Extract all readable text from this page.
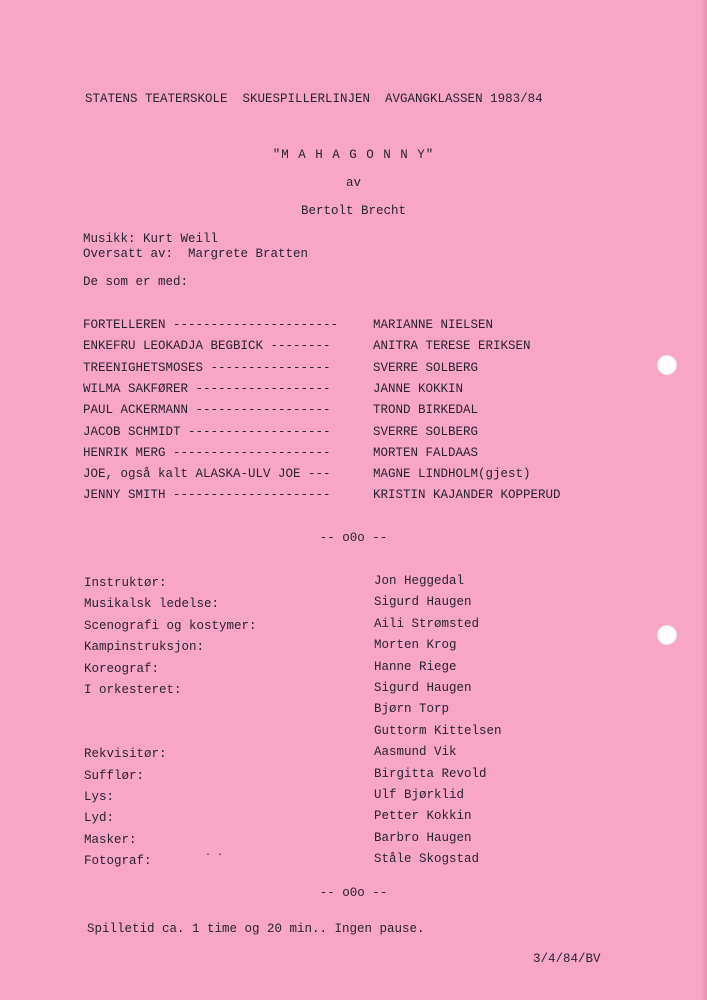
STATENS TEATERSKOLE  SKUESPILLERLINJEN  AVGANGKLASSEN 1983/84
"M A H A G O N N Y"
av
Bertolt Brecht
Musikk: Kurt Weill
Oversatt av:  Margrete Bratten
De som er med:
FORTELLEREN ----------------------	MARIANNE NIELSEN
ENKEFRU LEOKADJA BEGBICK --------	ANITRA TERESE ERIKSEN
TREENIGHETSMOSES ----------------	SVERRE SOLBERG
WILMA SAKFØRER ------------------	JANNE KOKKIN
PAUL ACKERMANN ------------------	TROND BIRKEDAL
JACOB SCHMIDT -------------------	SVERRE SOLBERG
HENRIK MERG ---------------------	MORTEN FALDAAS
JOE, også kalt ALASKA-ULV JOE ---	MAGNE LINDHOLM(gjest)
JENNY SMITH ---------------------	KRISTIN KAJANDER KOPPERUD
-- o0o --
Instruktør:	Jon Heggedal
Musikalsk ledelse:	Sigurd Haugen
Scenografi og kostymer:	Aili Strømsted
Kampinstruksjon:	Morten Krog
Koreograf:	Hanne Riege
I orkesteret:	Sigurd Haugen
Bjørn Torp
Guttorm Kittelsen
Rekvisitør:	Aasmund Vik
Sufflør:	Birgitta Revold
Lys:	Ulf Bjørklid
Lyd:	Petter Kokkin
Masker:	Barbro Haugen
Fotograf:	Ståle Skogstad
· ·
-- o0o --
Spilletid ca. 1 time og 20 min.. Ingen pause.
3/4/84/BV
